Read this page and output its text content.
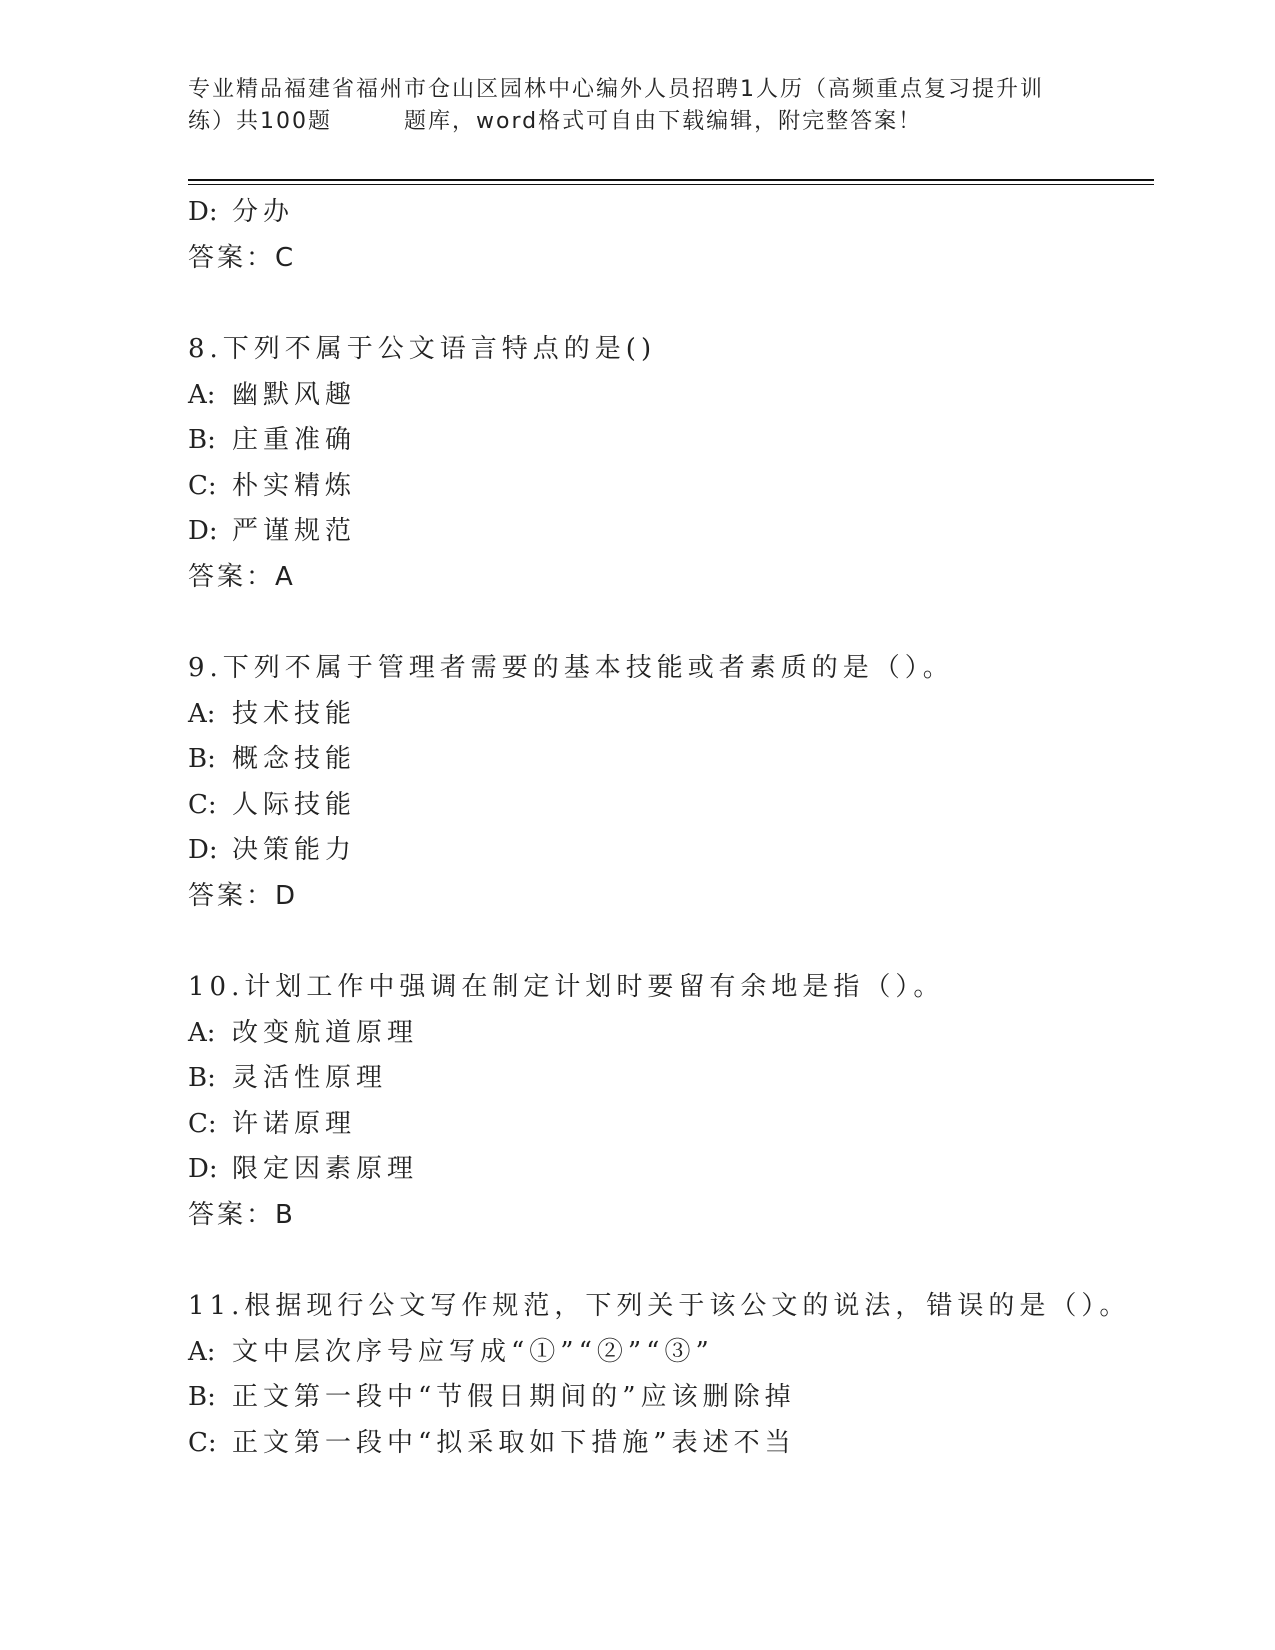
专业精品福建省福州市仓山区园林中心编外人员招聘1人历（高频重点复习提升训
练）共100题	题库，word格式可自由下载编辑，附完整答案！
D: 分办
答案：C
8.下列不属于公文语言特点的是()
A: 幽默风趣
B: 庄重准确
C: 朴实精炼
D: 严谨规范
答案：A
9.下列不属于管理者需要的基本技能或者素质的是（）。
A: 技术技能
B: 概念技能
C: 人际技能
D: 决策能力
答案：D
10.计划工作中强调在制定计划时要留有余地是指（）。
A: 改变航道原理
B: 灵活性原理
C: 许诺原理
D: 限定因素原理
答案：B
11.根据现行公文写作规范，下列关于该公文的说法，错误的是（）。
A: 文中层次序号应写成“①”“②”“③”
B: 正文第一段中“节假日期间的”应该删除掉
C: 正文第一段中“拟采取如下措施”表述不当
